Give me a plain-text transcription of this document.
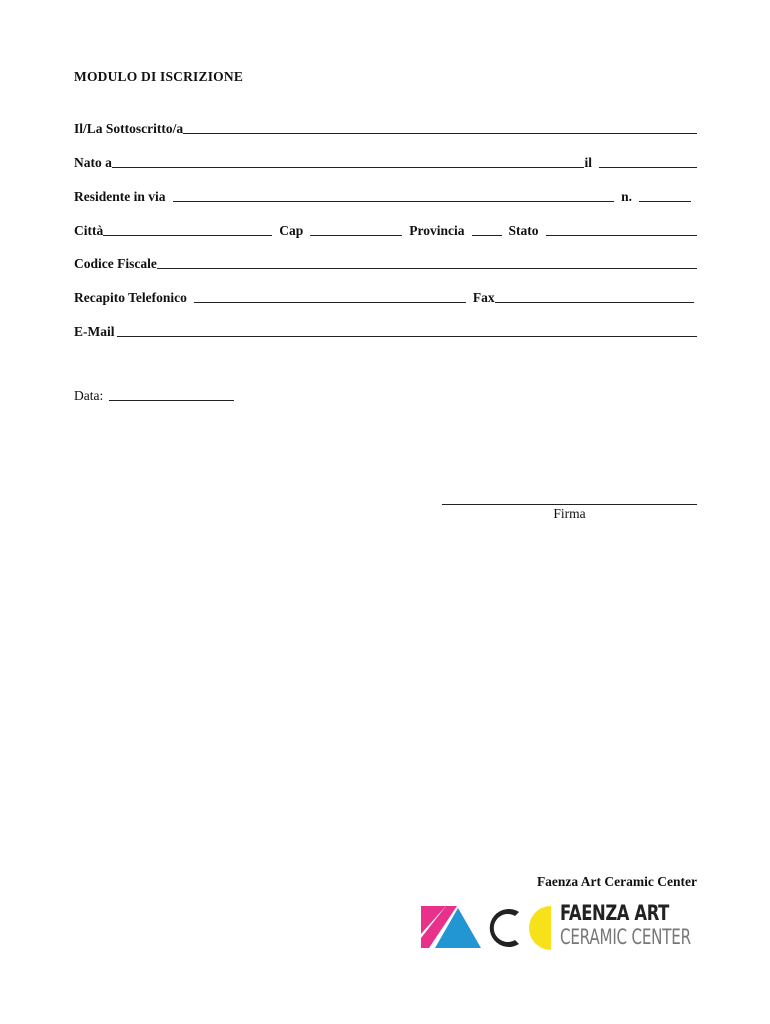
MODULO DI ISCRIZIONE
Il/La Sottoscritto/a
Nato a	il
Residente in via	n.
Città	Cap	Provincia	Stato
Codice Fiscale
Recapito Telefonico	Fax
E-Mail
Data:
Firma
Faenza Art Ceramic Center
FAENZA ART
CERAMIC CENTER
